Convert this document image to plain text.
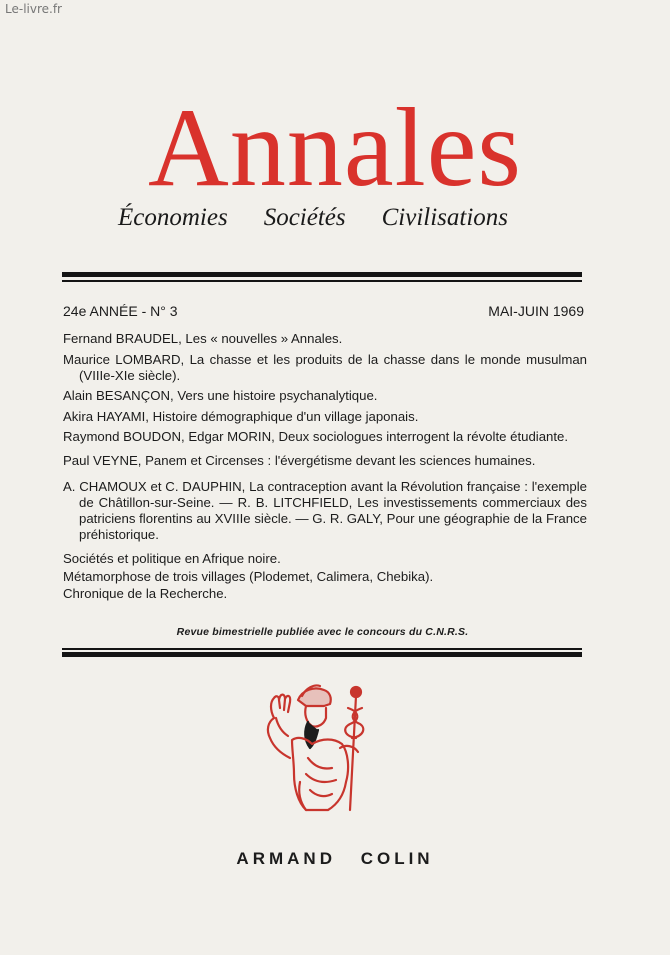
Le-livre.fr
Annales
Économies Sociétés Civilisations
24e ANNÉE - N° 3	MAI-JUIN 1969
Fernand BRAUDEL, Les « nouvelles » Annales.
Maurice LOMBARD, La chasse et les produits de la chasse dans le monde musulman (VIIIe-XIe siècle).
Alain BESANÇON, Vers une histoire psychanalytique.
Akira HAYAMI, Histoire démographique d'un village japonais.
Raymond BOUDON, Edgar MORIN, Deux sociologues interrogent la révolte étudiante.
Paul VEYNE, Panem et Circenses : l'évergétisme devant les sciences humaines.
A. CHAMOUX et C. DAUPHIN, La contraception avant la Révolution française : l'exemple de Châtillon-sur-Seine. — R. B. LITCHFIELD, Les investissements commerciaux des patriciens florentins au XVIIIe siècle. — G. R. GALY, Pour une géographie de la France préhistorique.
Sociétés et politique en Afrique noire.
Métamorphose de trois villages (Plodemet, Calimera, Chebika).
Chronique de la Recherche.
Revue bimestrielle publiée avec le concours du C.N.R.S.
ARMAND COLIN
